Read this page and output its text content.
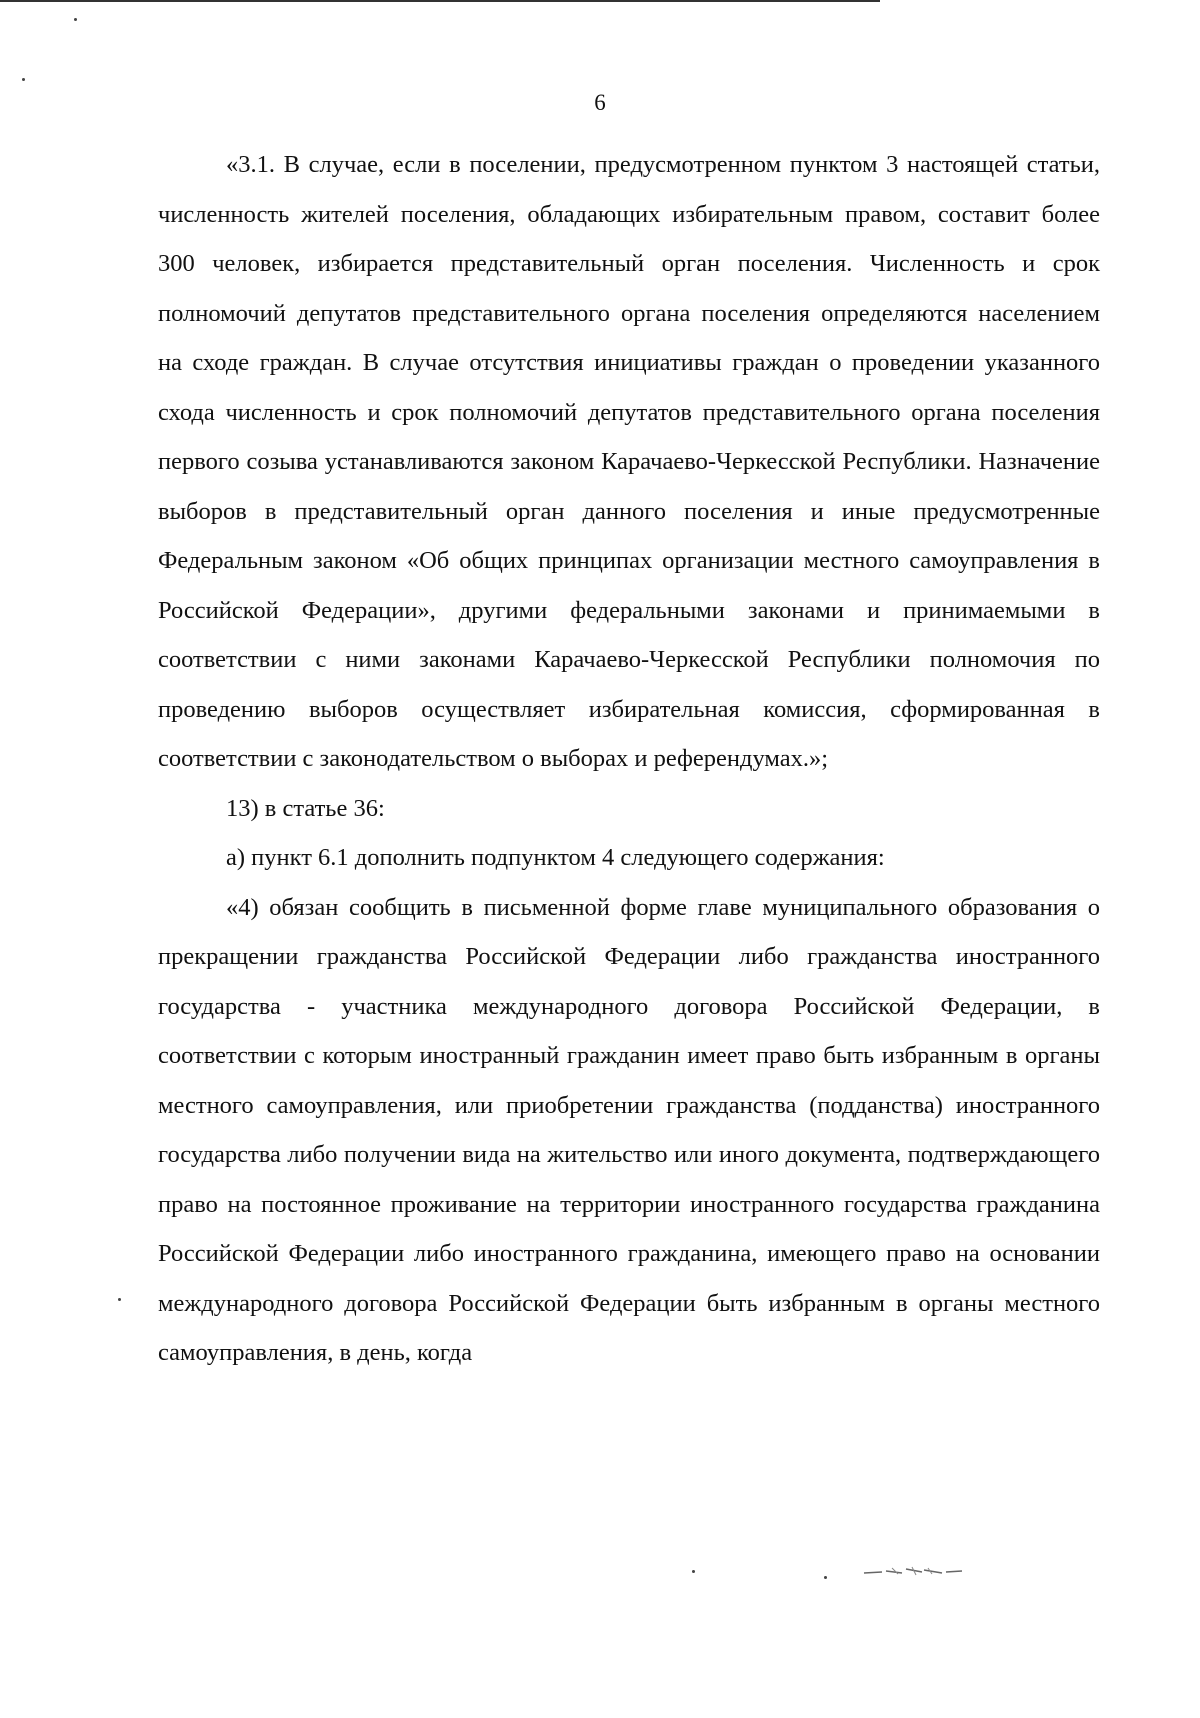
6

«3.1. В случае, если в поселении, предусмотренном пунктом 3 настоящей статьи, численность жителей поселения, обладающих избирательным правом, составит более 300 человек, избирается представительный орган поселения. Численность и срок полномочий депутатов представительного органа поселения определяются населением на сходе граждан. В случае отсутствия инициативы граждан о проведении указанного схода численность и срок полномочий депутатов представительного органа поселения первого созыва устанавливаются законом Карачаево-Черкесской Республики. Назначение выборов в представительный орган данного поселения и иные предусмотренные Федеральным законом «Об общих принципах организации местного самоуправления в Российской Федерации», другими федеральными законами и принимаемыми в соответствии с ними законами Карачаево-Черкесской Республики полномочия по проведению выборов осуществляет избирательная комиссия, сформированная в соответствии с законодательством о выборах и референдумах.»;

13) в статье 36:

а) пункт 6.1 дополнить подпунктом 4 следующего содержания:

«4) обязан сообщить в письменной форме главе муниципального образования о прекращении гражданства Российской Федерации либо гражданства иностранного государства - участника международного договора Российской Федерации, в соответствии с которым иностранный гражданин имеет право быть избранным в органы местного самоуправления, или приобретении гражданства (подданства) иностранного государства либо получении вида на жительство или иного документа, подтверждающего право на постоянное проживание на территории иностранного государства гражданина Российской Федерации либо иностранного гражданина, имеющего право на основании международного договора Российской Федерации быть избранным в органы местного самоуправления, в день, когда
